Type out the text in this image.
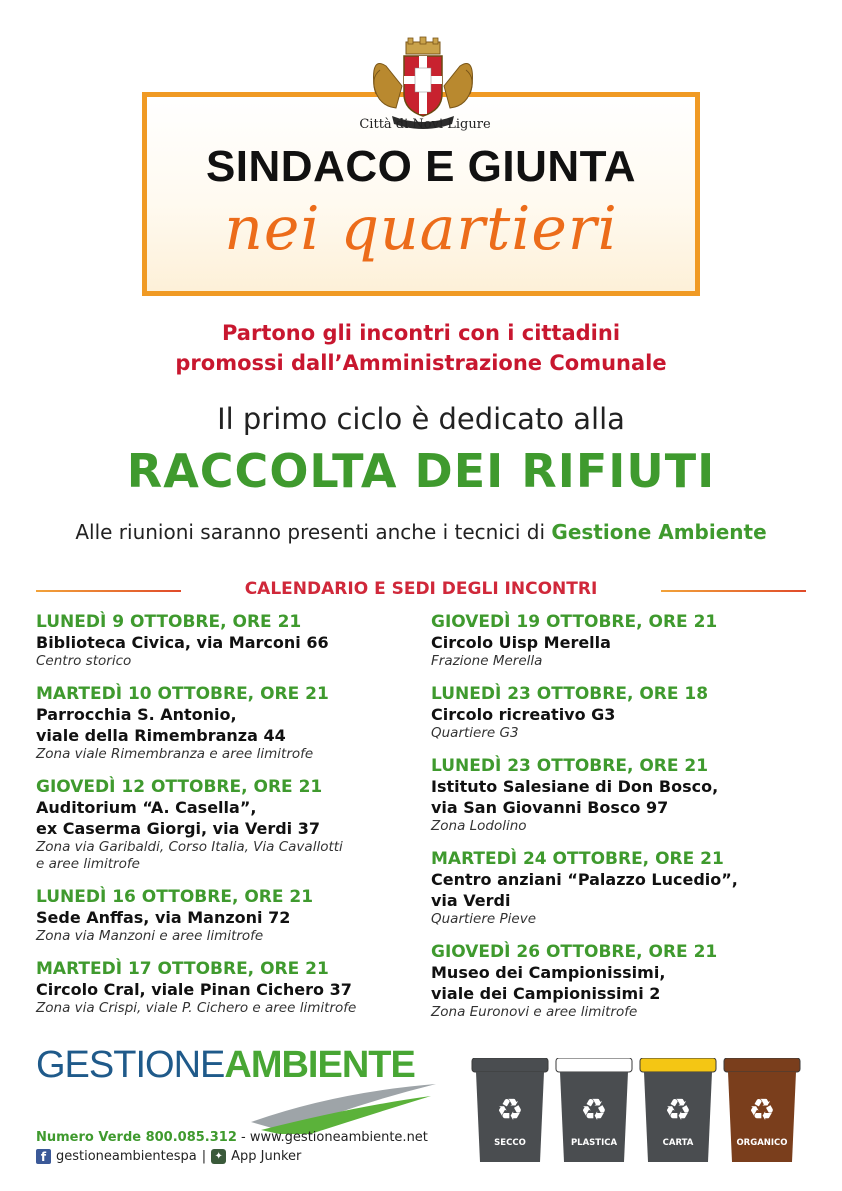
Città di Novi Ligure
SINDACO E GIUNTA
nei quartieri
Partono gli incontri con i cittadini
promossi dall’Amministrazione Comunale
Il primo ciclo è dedicato alla
RACCOLTA DEI RIFIUTI
Alle riunioni saranno presenti anche i tecnici di Gestione Ambiente
CALENDARIO E SEDI DEGLI INCONTRI
LUNEDÌ 9 OTTOBRE, ORE 21
Biblioteca Civica, via Marconi 66
Centro storico
MARTEDÌ 10 OTTOBRE, ORE 21
Parrocchia S. Antonio,
viale della Rimembranza 44
Zona viale Rimembranza e aree limitrofe
GIOVEDÌ 12 OTTOBRE, ORE 21
Auditorium “A. Casella”,
ex Caserma Giorgi, via Verdi 37
Zona via Garibaldi, Corso Italia, Via Cavallotti
e aree limitrofe
LUNEDÌ 16 OTTOBRE, ORE 21
Sede Anffas, via Manzoni 72
Zona via Manzoni e aree limitrofe
MARTEDÌ 17 OTTOBRE, ORE 21
Circolo Cral, viale Pinan Cichero 37
Zona via Crispi, viale P. Cichero e aree limitrofe
GIOVEDÌ 19 OTTOBRE, ORE 21
Circolo Uisp Merella
Frazione Merella
LUNEDÌ 23 OTTOBRE, ORE 18
Circolo ricreativo G3
Quartiere G3
LUNEDÌ 23 OTTOBRE, ORE 21
Istituto Salesiane di Don Bosco,
via San Giovanni Bosco 97
Zona Lodolino
MARTEDÌ 24 OTTOBRE, ORE 21
Centro anziani “Palazzo Lucedio”,
via Verdi
Quartiere Pieve
GIOVEDÌ 26 OTTOBRE, ORE 21
Museo dei Campionissimi,
viale dei Campionissimi 2
Zona Euronovi e aree limitrofe
GESTIONEAMBIENTE
Numero Verde 800.085.312 - www.gestioneambiente.net
f gestioneambientespa | ✦ App Junker
♻
SECCO
♻
PLASTICA
♻
CARTA
♻
ORGANICO
